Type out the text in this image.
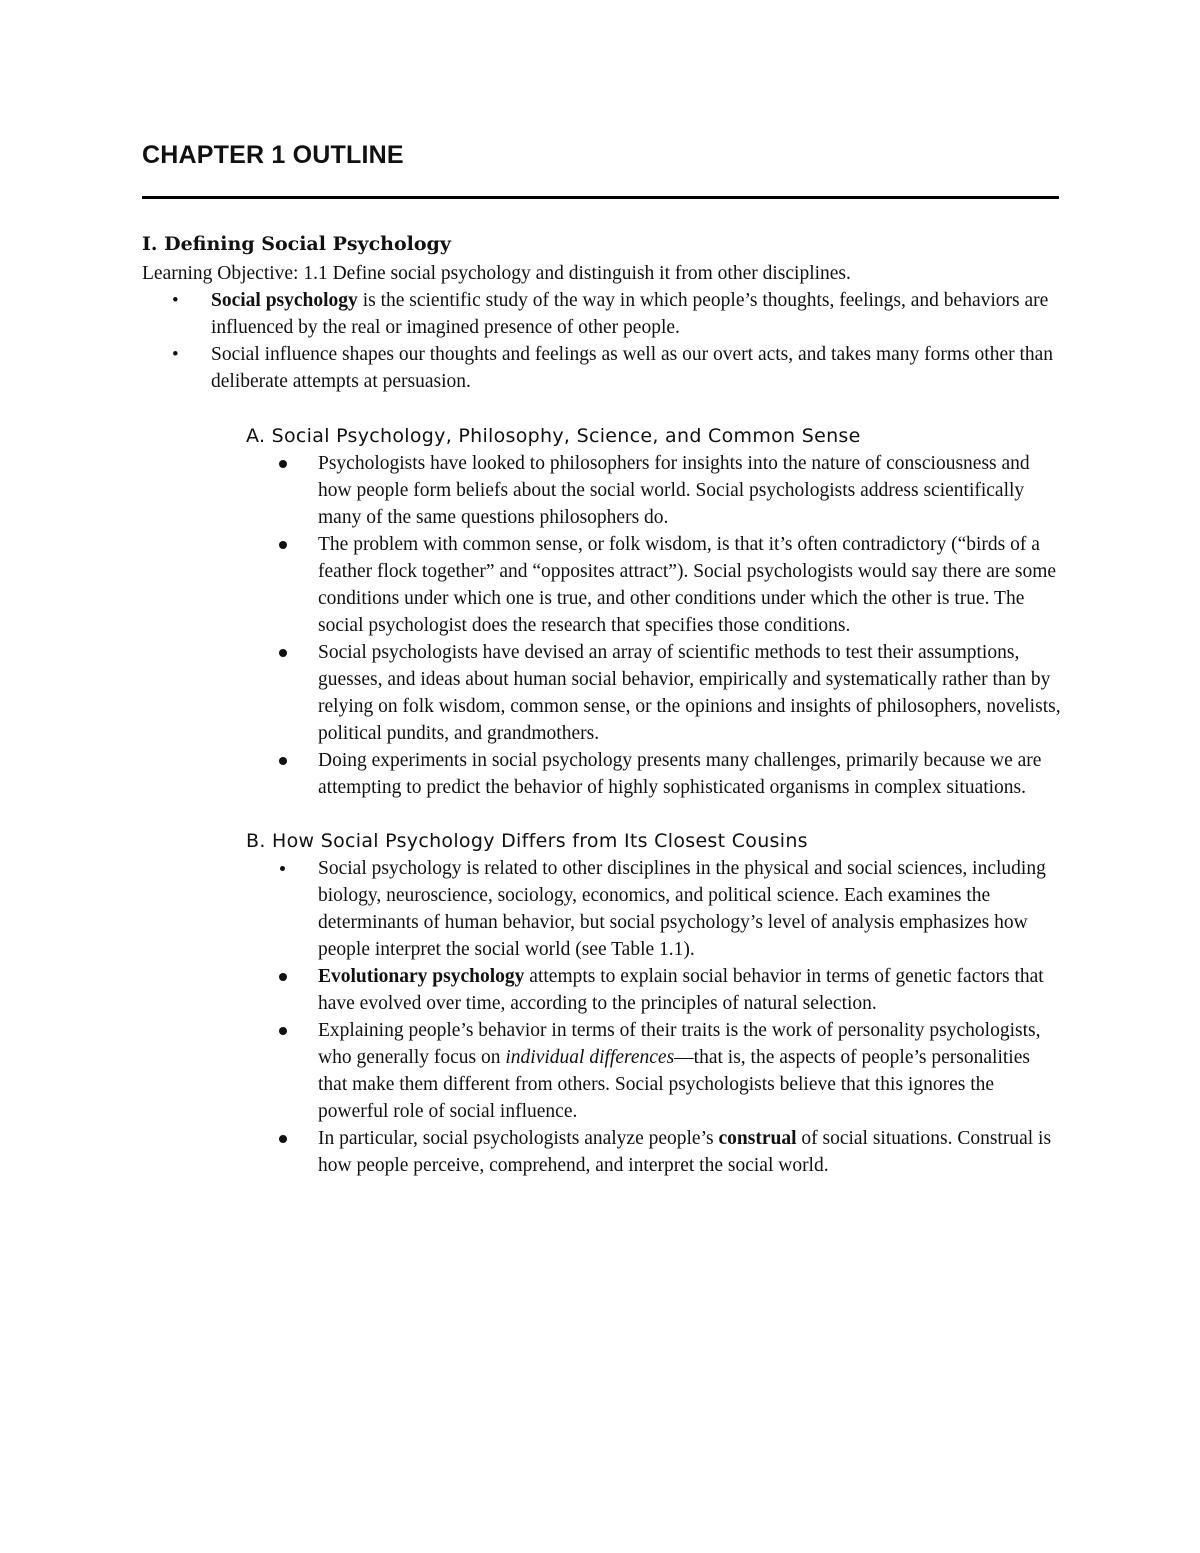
CHAPTER 1 OUTLINE

I. Defining Social Psychology

Learning Objective: 1.1 Define social psychology and distinguish it from other disciplines.

• Social psychology is the scientific study of the way in which people’s thoughts, feelings, and behaviors are influenced by the real or imagined presence of other people.
• Social influence shapes our thoughts and feelings as well as our overt acts, and takes many forms other than deliberate attempts at persuasion.

A. Social Psychology, Philosophy, Science, and Common Sense

Psychologists have looked to philosophers for insights into the nature of consciousness and how people form beliefs about the social world. Social psychologists address scientifically many of the same questions philosophers do.
The problem with common sense, or folk wisdom, is that it’s often contradictory (“birds of a feather flock together” and “opposites attract”). Social psychologists would say there are some conditions under which one is true, and other conditions under which the other is true. The social psychologist does the research that specifies those conditions.
Social psychologists have devised an array of scientific methods to test their assumptions, guesses, and ideas about human social behavior, empirically and systematically rather than by relying on folk wisdom, common sense, or the opinions and insights of philosophers, novelists, political pundits, and grandmothers.
Doing experiments in social psychology presents many challenges, primarily because we are attempting to predict the behavior of highly sophisticated organisms in complex situations.

B. How Social Psychology Differs from Its Closest Cousins

Social psychology is related to other disciplines in the physical and social sciences, including biology, neuroscience, sociology, economics, and political science. Each examines the determinants of human behavior, but social psychology’s level of analysis emphasizes how people interpret the social world (see Table 1.1).
Evolutionary psychology attempts to explain social behavior in terms of genetic factors that have evolved over time, according to the principles of natural selection.
Explaining people’s behavior in terms of their traits is the work of personality psychologists, who generally focus on individual differences—that is, the aspects of people’s personalities that make them different from others. Social psychologists believe that this ignores the powerful role of social influence.
In particular, social psychologists analyze people’s construal of social situations. Construal is how people perceive, comprehend, and interpret the social world.
